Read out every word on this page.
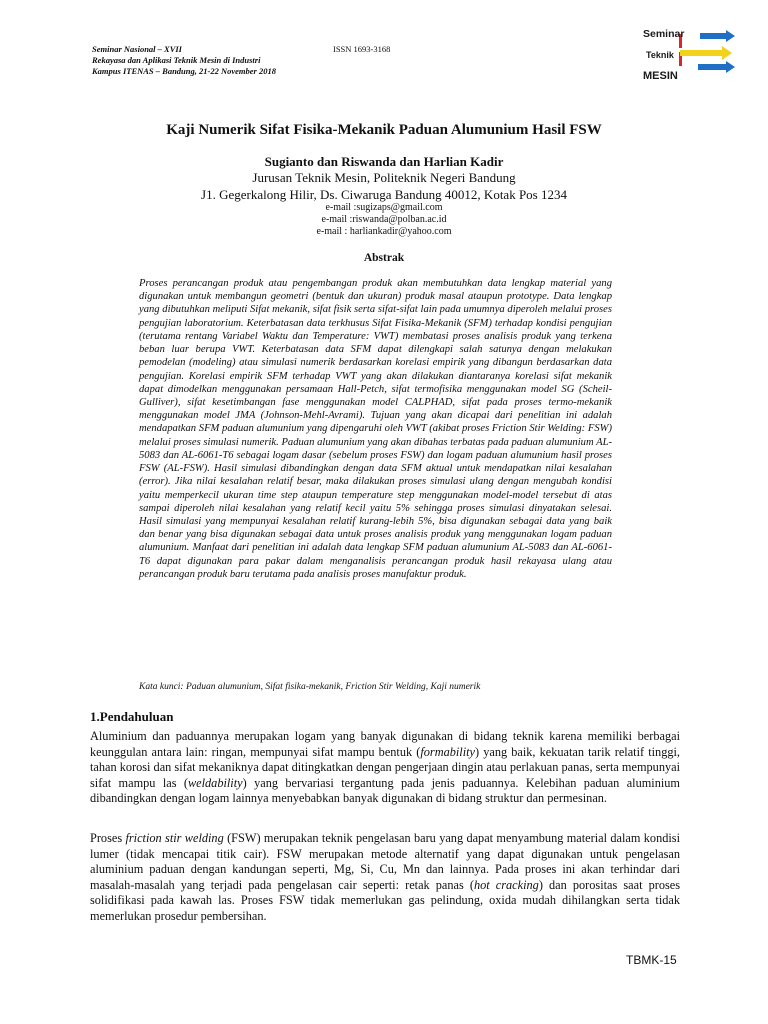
Seminar Nasional – XVII
Rekayasa dan Aplikasi Teknik Mesin di Industri
Kampus ITENAS – Bandung, 21-22 November 2018
ISSN 1693-3168
Seminar
Teknik
MESIN
Kaji Numerik Sifat Fisika-Mekanik Paduan Alumunium Hasil FSW
Sugianto dan Riswanda dan Harlian Kadir
Jurusan Teknik Mesin, Politeknik Negeri Bandung
J1. Gegerkalong Hilir, Ds. Ciwaruga Bandung 40012, Kotak Pos 1234
e-mail :sugizaps@gmail.com
e-mail :riswanda@polban.ac.id
e-mail : harliankadir@yahoo.com
Abstrak
Proses perancangan produk atau pengembangan produk akan membutuhkan data lengkap material yang digunakan untuk membangun geometri (bentuk dan ukuran) produk masal ataupun prototype. Data lengkap yang dibutuhkan meliputi Sifat mekanik, sifat fisik serta sifat-sifat lain pada umumnya diperoleh melalui proses pengujian laboratorium. Keterbatasan data terkhusus Sifat Fisika-Mekanik (SFM) terhadap kondisi pengujian (terutama rentang Variabel Waktu dan Temperature: VWT) membatasi proses analisis produk yang terkena beban luar berupa VWT. Keterbatasan data SFM dapat dilengkapi salah satunya dengan melakukan pemodelan (modeling) atau simulasi numerik berdasarkan korelasi empirik yang dibangun berdasarkan data pengujian. Korelasi empirik SFM terhadap VWT yang akan dilakukan diantaranya korelasi sifat mekanik dapat dimodelkan menggunakan persamaan Hall-Petch, sifat termofisika menggunakan model SG (Scheil-Gulliver), sifat kesetimbangan fase menggunakan model CALPHAD, sifat pada proses termo-mekanik menggunakan model JMA (Johnson-Mehl-Avrami). Tujuan yang akan dicapai dari penelitian ini adalah mendapatkan SFM paduan alumunium yang dipengaruhi oleh VWT (akibat proses Friction Stir Welding: FSW) melalui proses simulasi numerik. Paduan alumunium yang akan dibahas terbatas pada paduan alumunium AL-5083 dan AL-6061-T6 sebagai logam dasar (sebelum proses FSW) dan logam paduan alumunium hasil proses FSW (AL-FSW). Hasil simulasi dibandingkan dengan data SFM aktual untuk mendapatkan nilai kesalahan (error). Jika nilai kesalahan relatif besar, maka dilakukan proses simulasi ulang dengan mengubah kondisi yaitu memperkecil ukuran time step ataupun temperature step menggunakan model-model tersebut di atas sampai diperoleh nilai kesalahan yang relatif kecil yaitu 5% sehingga proses simulasi dinyatakan selesai. Hasil simulasi yang mempunyai kesalahan relatif kurang-lebih 5%, bisa digunakan sebagai data yang baik dan benar yang bisa digunakan sebagai data untuk proses analisis produk yang menggunakan logam paduan alumunium. Manfaat dari penelitian ini adalah data lengkap SFM paduan alumunium AL-5083 dan AL-6061-T6 dapat digunakan para pakar dalam menganalisis perancangan produk hasil rekayasa ulang atau perancangan produk baru terutama pada analisis proses manufaktur produk.
Kata kunci: Paduan alumunium, Sifat fisika-mekanik, Friction Stir Welding, Kaji numerik
1.Pendahuluan
Aluminium dan paduannya merupakan logam yang banyak digunakan di bidang teknik karena memiliki berbagai keunggulan antara lain: ringan, mempunyai sifat mampu bentuk (formability) yang baik, kekuatan tarik relatif tinggi, tahan korosi dan sifat mekaniknya dapat ditingkatkan dengan pengerjaan dingin atau perlakuan panas, serta mempunyai sifat mampu las (weldability) yang bervariasi tergantung pada jenis paduannya. Kelebihan paduan aluminium dibandingkan dengan logam lainnya menyebabkan banyak digunakan di bidang struktur dan permesinan.
Proses friction stir welding (FSW) merupakan teknik pengelasan baru yang dapat menyambung material dalam kondisi lumer (tidak mencapai titik cair). FSW merupakan metode alternatif yang dapat digunakan untuk pengelasan aluminium paduan dengan kandungan seperti, Mg, Si, Cu, Mn dan lainnya. Pada proses ini akan terhindar dari masalah-masalah yang terjadi pada pengelasan cair seperti: retak panas (hot cracking) dan porositas saat proses solidifikasi pada kawah las. Proses FSW tidak memerlukan gas pelindung, oxida mudah dihilangkan serta tidak memerlukan prosedur pembersihan.
TBMK-15
